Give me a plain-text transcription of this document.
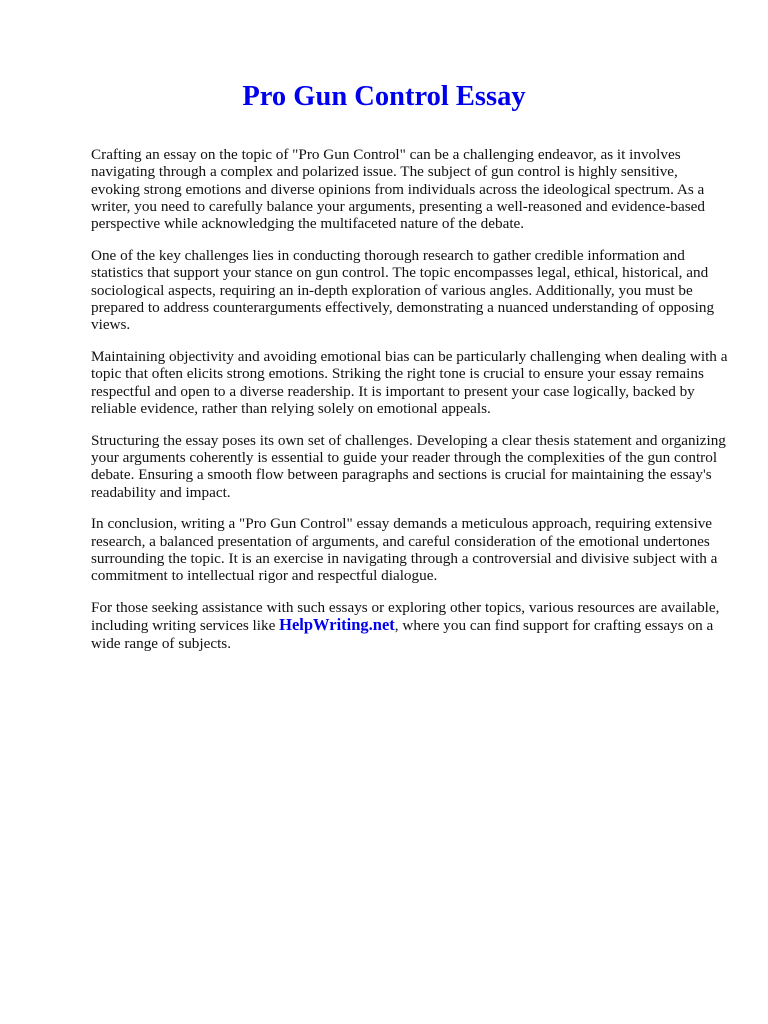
Pro Gun Control Essay

Crafting an essay on the topic of "Pro Gun Control" can be a challenging endeavor, as it involves navigating through a complex and polarized issue. The subject of gun control is highly sensitive, evoking strong emotions and diverse opinions from individuals across the ideological spectrum. As a writer, you need to carefully balance your arguments, presenting a well-reasoned and evidence-based perspective while acknowledging the multifaceted nature of the debate.

One of the key challenges lies in conducting thorough research to gather credible information and statistics that support your stance on gun control. The topic encompasses legal, ethical, historical, and sociological aspects, requiring an in-depth exploration of various angles. Additionally, you must be prepared to address counterarguments effectively, demonstrating a nuanced understanding of opposing views.

Maintaining objectivity and avoiding emotional bias can be particularly challenging when dealing with a topic that often elicits strong emotions. Striking the right tone is crucial to ensure your essay remains respectful and open to a diverse readership. It is important to present your case logically, backed by reliable evidence, rather than relying solely on emotional appeals.

Structuring the essay poses its own set of challenges. Developing a clear thesis statement and organizing your arguments coherently is essential to guide your reader through the complexities of the gun control debate. Ensuring a smooth flow between paragraphs and sections is crucial for maintaining the essay's readability and impact.

In conclusion, writing a "Pro Gun Control" essay demands a meticulous approach, requiring extensive research, a balanced presentation of arguments, and careful consideration of the emotional undertones surrounding the topic. It is an exercise in navigating through a controversial and divisive subject with a commitment to intellectual rigor and respectful dialogue.

For those seeking assistance with such essays or exploring other topics, various resources are available, including writing services like HelpWriting.net, where you can find support for crafting essays on a wide range of subjects.
